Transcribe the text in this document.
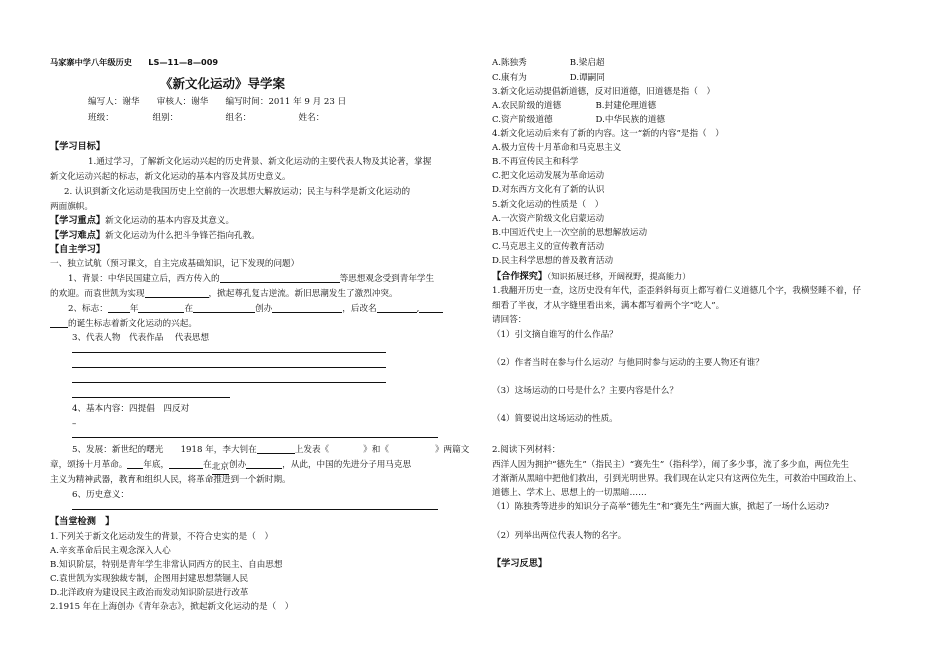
马家寨中学八年级历史　　LS—11—8—009
《新文化运动》导学案
编写人：谢华　　审核人：谢华　　编写时间：2011 年 9 月 23 日
班级：　　　　　组别：　　　　　　组名：　　　　　　姓名：
【学习目标】
1.通过学习，了解新文化运动兴起的历史背景、新文化运动的主要代表人物及其论著，掌握
新文化运动兴起的标志，新文化运动的基本内容及其历史意义。
2. 认识到新文化运动是我国历史上空前的一次思想大解放运动；民主与科学是新文化运动的
两面旗帜。
【学习重点】新文化运动的基本内容及其意义。
【学习难点】新文化运动为什么把斗争锋芒指向孔教。
【自主学习】
一、独立试航（预习课文，自主完成基础知识，记下发现的问题）
1、背景：中华民国建立后，西方传入的	等思想观念受到青年学生
的欢迎。而袁世凯为实现	，掀起尊孔复古逆流。新旧思潮发生了激烈冲突。
2、标志：	年	在	创办	，后改名	,
的诞生标志着新文化运动的兴起。
3、代表人物　代表作品　 代表思想
4、基本内容：四提倡　四反对
–
5、发展：新世纪的曙光　　1918 年，李大钊在	上发表《	》和《	》两篇文
章，颂扬十月革命。 年底，	在北京创办	，从此，中国的先进分子用马克思
主义为精神武器，教育和组织人民，将革命推进到一个新时期。
6、历史意义：
【当堂检测　】
1.下列关于新文化运动发生的背景，不符合史实的是（　）
A.辛亥革命后民主观念深入人心
B.知识阶层，特别是青年学生非常认同西方的民主、自由思想
C.袁世凯为实现独裁专制，企图用封建思想禁锢人民
D.北洋政府为建设民主政治而发动知识阶层进行改革
2.1915 年在上海创办《青年杂志》，掀起新文化运动的是（　）
A.陈独秀　　　　　B.梁启超
C.康有为　　　　　D.谭嗣同
3.新文化运动提倡新道德，反对旧道德，旧道德是指（　）
A.农民阶级的道德　　　　B.封建伦理道德
C.资产阶级道德　　　　　D.中华民族的道德
4.新文化运动后来有了新的内容。这一“新的内容”是指（　）
A.极力宣传十月革命和马克思主义
B.不再宣传民主和科学
C.把文化运动发展为革命运动
D.对东西方文化有了新的认识
5.新文化运动的性质是（　）
A.一次资产阶级文化启蒙运动
B.中国近代史上一次空前的思想解放运动
C.马克思主义的宣传教育活动
D.民主科学思想的普及教育活动
【合作探究】（知识拓展迁移，开阔视野，提高能力）
1.我翻开历史一查，这历史没有年代，歪歪斜斜每页上都写着仁义道德几个字，我横竖睡不着，仔
细看了半夜，才从字缝里看出来，满本都写着两个字“吃人”。
请回答：
（1）引文摘自谁写的什么作品？
（2）作者当时在参与什么运动？与他同时参与运动的主要人物还有谁？
（3）这场运动的口号是什么？主要内容是什么？
（4）简要说出这场运动的性质。
2.阅读下列材料：
西洋人因为拥护“德先生”（指民主）“赛先生”（指科学），闹了多少事，流了多少血，两位先生
才渐渐从黑暗中把他们救出，引到光明世界。我们现在认定只有这两位先生，可救治中国政治上、
道德上、学术上、思想上的一切黑暗……
（1）陈独秀等进步的知识分子高举“德先生”和“赛先生”两面大旗，掀起了一场什么运动?
（2）列举出两位代表人物的名字。
【学习反思】
